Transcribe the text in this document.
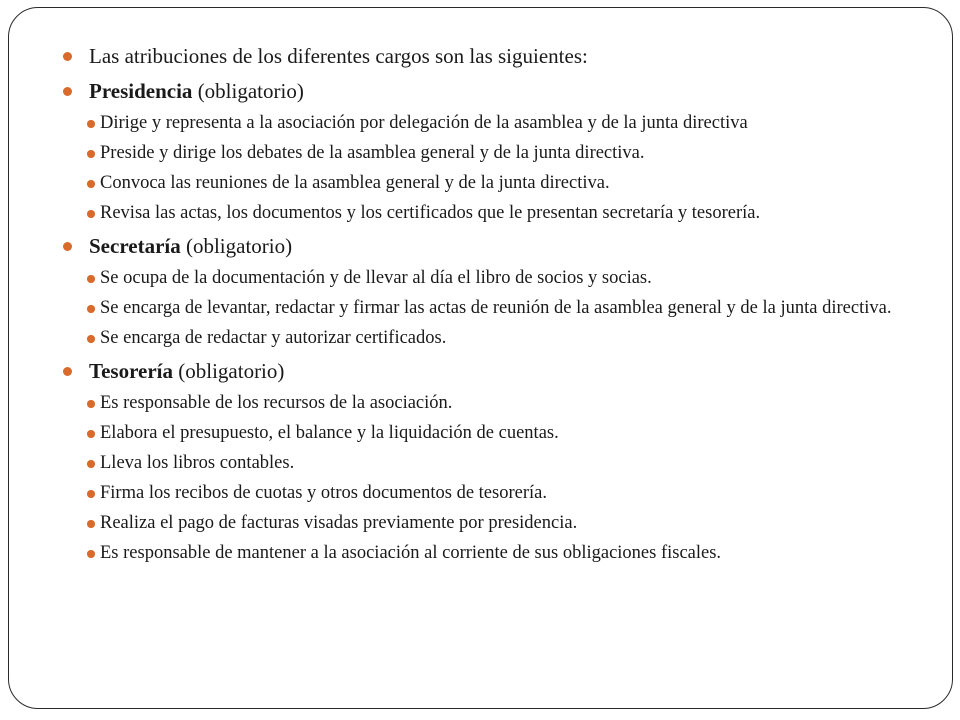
Las atribuciones de los diferentes cargos son las siguientes:
Presidencia (obligatorio)
Dirige y representa a la asociación por delegación de la asamblea y de la junta directiva
Preside y dirige los debates de la asamblea general y de la junta directiva.
Convoca las reuniones de la asamblea general y de la junta directiva.
Revisa las actas, los documentos y los certificados que le presentan secretaría y tesorería.
Secretaría (obligatorio)
Se ocupa de la documentación y de llevar al día el libro de socios y socias.
Se encarga de levantar, redactar y firmar las actas de reunión de la asamblea general y de la junta directiva.
Se encarga de redactar y autorizar certificados.
Tesorería (obligatorio)
Es responsable de los recursos de la asociación.
Elabora el presupuesto, el balance y la liquidación de cuentas.
Lleva los libros contables.
Firma los recibos de cuotas y otros documentos de tesorería.
Realiza el pago de facturas visadas previamente por presidencia.
Es responsable de mantener a la asociación al corriente de sus obligaciones fiscales.
